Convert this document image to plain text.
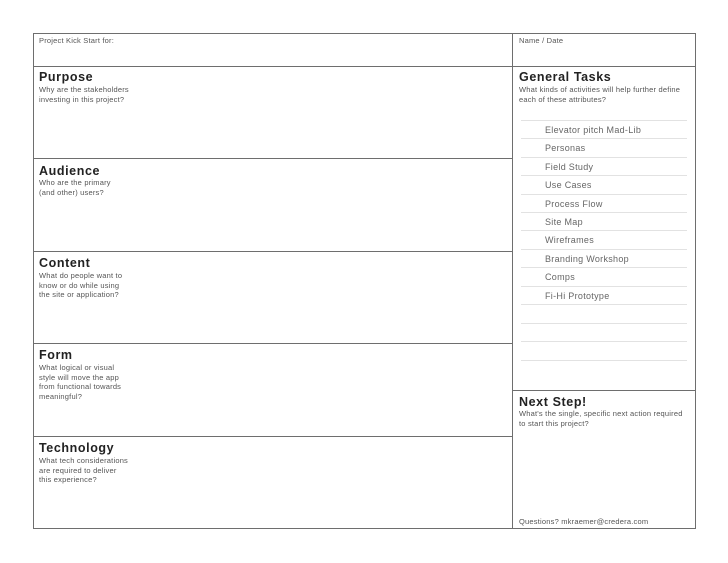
Project Kick Start for:	Name / Date
Purpose
Why are the stakeholders
investing in this project?
Audience
Who are the primary
(and other) users?
Content
What do people want to
know or do while using
the site or application?
Form
What logical or visual
style will move the app
from functional towards
meaningful?
Technology
What tech considerations
are required to deliver
this experience?
General Tasks
What kinds of activities will help further define
each of these attributes?
Elevator pitch Mad-Lib
Personas
Field Study
Use Cases
Process Flow
Site Map
Wireframes
Branding Workshop
Comps
Fi-Hi Prototype
Next Step!
What's the single, specific next action required
to start this project?
Questions? mkraemer@credera.com
